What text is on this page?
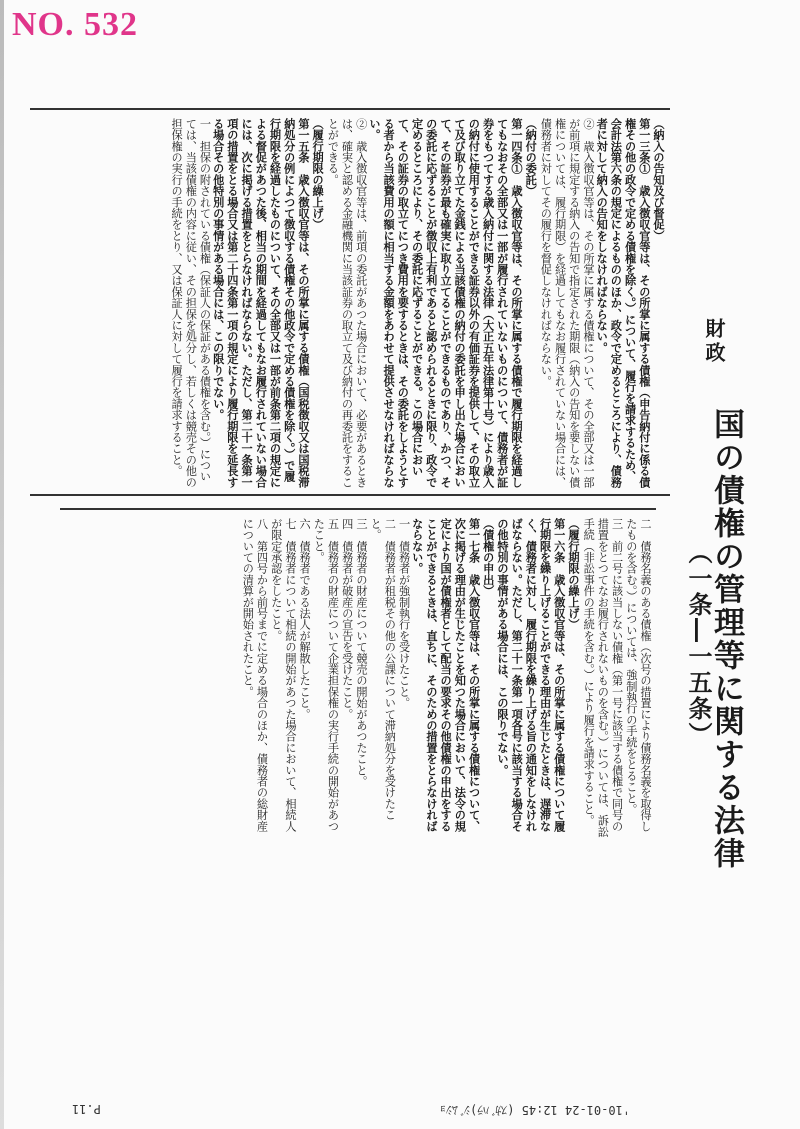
NO. 532
財政
国の債権の管理等に関する法律
（一条―一五条）

（納入の告知及び督促）

第一三条①　歳入徴収官等は、その所掌に属する債権（申告納付に係る債権その他の政令で定める債権を除く。）について、履行を請求するため、会計法第六条の規定によるもののほか、政令で定めるところにより、債務者に対して納入の告知をしなければならない。

②　歳入徴収官等は、その所掌に属する債権について、その全部又は一部が前項に規定する納入の告知で指定された期限（納入の告知を要しない債権については、履行期限）を経過してもなお履行されていない場合には、債務者に対してその履行を督促しなければならない。

（納付の委託）

第一四条①　歳入徴収官等は、その所掌に属する債権で履行期限を経過してもなおその全部又は一部が履行されていないものについて、債務者が証券をもつてする歳入納付に関する法律（大正五年法律第十号）により歳入の納付に使用することができる証券以外の有価証券を提供して、その取立て及び取り立てた金銭による当該債権の納付の委託を申し出た場合において、その証券が最も確実に取り立てることができるものであり、かつ、その委託に応ずることが徴収上有利であると認められるときに限り、政令で定めるところにより、その委託に応ずることができる。この場合において、その証券の取立てにつき費用を要するときは、その委託をしようとする者から当該費用の額に相当する金額をあわせて提供させなければならない。

②　歳入徴収官等は、前項の委託があつた場合において、必要があるときは、確実と認める金融機関に当該証券の取立て及び納付の再委託をすることができる。

（履行期限の繰上げ）

第一五条　歳入徴収官等は、その所掌に属する債権（国税徴収又は国税滞納処分の例によつて徴収する債権その他政令で定める債権を除く。）で履行期限を経過したものについて、その全部又は一部が前条第二項の規定による督促があつた後、相当の期間を経過してもなお履行されていない場合には、次に掲げる措置をとらなければならない。ただし、第二十一条第一項の措置をとる場合又は第二十四条第一項の規定により履行期限を延長する場合その他特別の事情がある場合には、この限りでない。

一　担保の附されている債権（保証人の保証がある債権を含む。）については、当該債権の内容に従い、その担保を処分し、若しくは競売その他の担保権の実行の手続をとり、又は保証人に対して履行を請求すること。

二　債務名義のある債権（次号の措置により債務名義を取得したものを含む。）については、強制執行の手続をとること。

三　前二号に該当しない債権（第一号に該当する債権で同号の措置をとつてなお履行されないものを含む。）については、訴訟手続（非訟事件の手続を含む。）により履行を請求すること。

（履行期限の繰上げ）

第一六条　歳入徴収官等は、その所掌に属する債権について履行期限を繰り上げることができる理由が生じたときは、遅滞なく、債務者に対し、履行期限を繰り上げる旨の通知をしなければならない。ただし、第二十一条第一項各号に該当する場合その他特別の事情がある場合には、この限りでない。

（債権の申出）

第一七条　歳入徴収官等は、その所掌に属する債権について、次に掲げる理由が生じたことを知つた場合において、法令の規定により国が債権者として配当の要求その他債権の申出をすることができるときは、直ちに、そのための措置をとらなければならない。

一　債務者が強制執行を受けたこと。

二　債務者が租税その他の公課について滞納処分を受けたこと。

三　債務者の財産について競売の開始があつたこと。

四　債務者が破産の宣告を受けたこと。

五　債務者の財産について企業担保権の実行手続の開始があつたこと。

六　債務者である法人が解散したこと。

七　債務者について相続の開始があつた場合において、相続人が限定承認をしたこと。

八　第四号から前号までに定める場合のほか、債務者の総財産についての清算が開始されたこと。

'10-01-24 12:45 (ｽｶﾞﾊﾗ)ｼﾞﾑｼｮ
P.11
